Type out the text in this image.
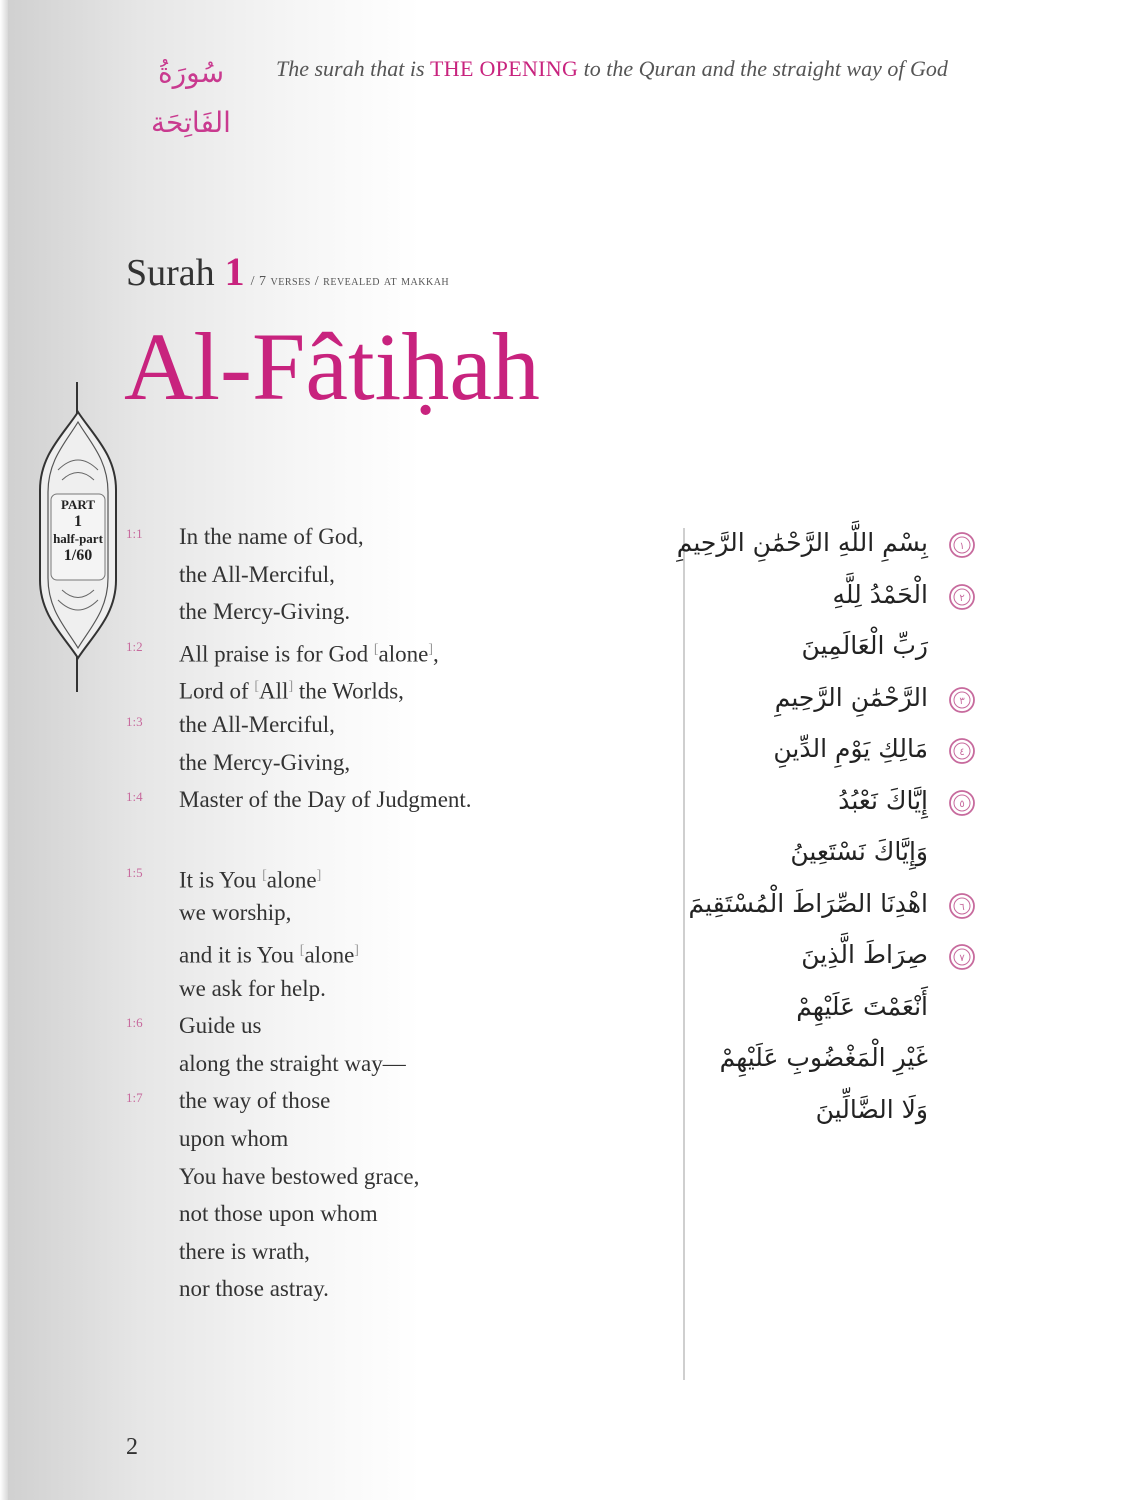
سُورَةُ الفَاتِحَة
The surah that is THE OPENING to the Quran and the straight way of God
Surah 1 / 7 verses / revealed at makkah
Al-Fâtiḥah
PART
1
half-part
1/60
1:1	In the name of God,
the All-Merciful,
the Mercy-Giving.
1:2	All praise is for God [alone],
Lord of [All] the Worlds,
1:3	the All-Merciful,
the Mercy-Giving,
1:4	Master of the Day of Judgment.
1:5	It is You [alone]
we worship,
and it is You [alone]
we ask for help.
1:6	Guide us
along the straight way—
1:7	the way of those
upon whom
You have bestowed grace,
not those upon whom
there is wrath,
nor those astray.
بِسْمِ اللَّهِ الرَّحْمَٰنِ الرَّحِيمِ	١
الْحَمْدُ لِلَّهِ	٢
رَبِّ الْعَالَمِينَ
الرَّحْمَٰنِ الرَّحِيمِ	٣
مَالِكِ يَوْمِ الدِّينِ	٤
إِيَّاكَ نَعْبُدُ	٥
وَإِيَّاكَ نَسْتَعِينُ
اهْدِنَا الصِّرَاطَ الْمُسْتَقِيمَ	٦
صِرَاطَ الَّذِينَ	٧
أَنْعَمْتَ عَلَيْهِمْ
غَيْرِ الْمَغْضُوبِ عَلَيْهِمْ
وَلَا الضَّالِّينَ
2
